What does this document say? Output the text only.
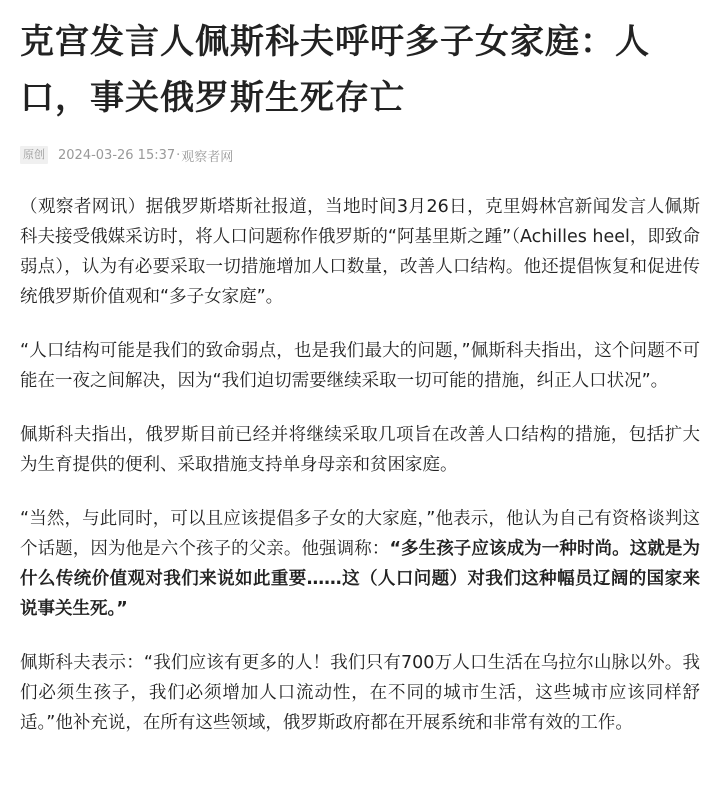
克宫发言人佩斯科夫呼吁多子女家庭：人口，事关俄罗斯生死存亡
原创 2024-03-26 15:37 · 观察者网

（观察者网讯）据俄罗斯塔斯社报道，当地时间3月26日，克里姆林宫新闻发言人佩斯科夫接受俄媒采访时，将人口问题称作俄罗斯的“阿基里斯之踵”（Achilles heel，即致命弱点），认为有必要采取一切措施增加人口数量，改善人口结构。他还提倡恢复和促进传统俄罗斯价值观和“多子女家庭”。

“人口结构可能是我们的致命弱点，也是我们最大的问题，”佩斯科夫指出，这个问题不可能在一夜之间解决，因为“我们迫切需要继续采取一切可能的措施，纠正人口状况”。

佩斯科夫指出，俄罗斯目前已经并将继续采取几项旨在改善人口结构的措施，包括扩大为生育提供的便利、采取措施支持单身母亲和贫困家庭。

“当然，与此同时，可以且应该提倡多子女的大家庭，”他表示，他认为自己有资格谈判这个话题，因为他是六个孩子的父亲。他强调称：“多生孩子应该成为一种时尚。这就是为什么传统价值观对我们来说如此重要……这（人口问题）对我们这种幅员辽阔的国家来说事关生死。”

佩斯科夫表示：“我们应该有更多的人！我们只有700万人口生活在乌拉尔山脉以外。我们必须生孩子，我们必须增加人口流动性，在不同的城市生活，这些城市应该同样舒适。”他补充说，在所有这些领域，俄罗斯政府都在开展系统和非常有效的工作。
